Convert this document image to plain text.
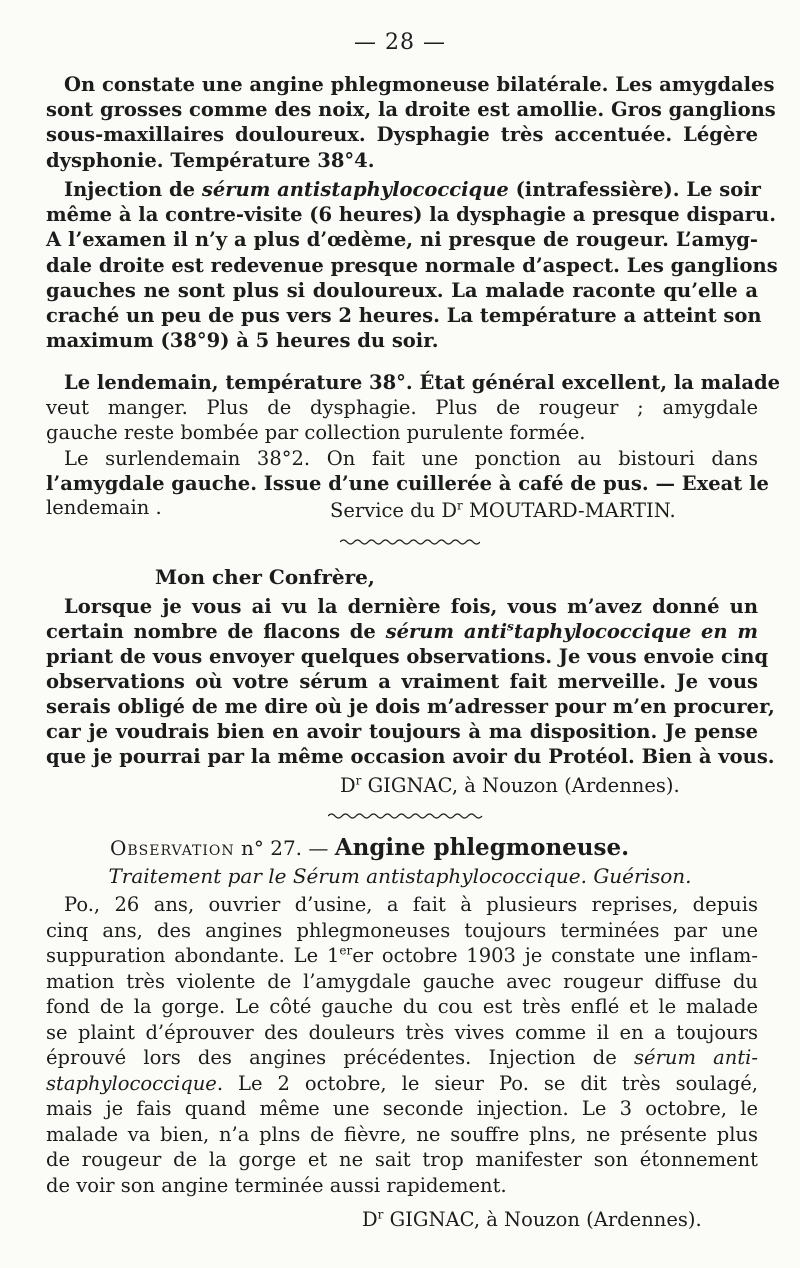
— 28 —
On constate une angine phlegmoneuse bilatérale. Les amygdales
sont grosses comme des noix, la droite est amollie. Gros ganglions
sous-maxillaires douloureux. Dysphagie très accentuée. Légère
dysphonie. Température 38°4.
Injection de sérum antistaphylococcique (intrafessière). Le soir
même à la contre-visite (6 heures) la dysphagie a presque disparu.
A l’examen il n’y a plus d’œdème, ni presque de rougeur. L’amyg-
dale droite est redevenue presque normale d’aspect. Les ganglions
gauches ne sont plus si douloureux. La malade raconte qu’elle a
craché un peu de pus vers 2 heures. La température a atteint son
maximum (38°9) à 5 heures du soir.
Le lendemain, température 38°. État général excellent, la malade
veut manger. Plus de dysphagie. Plus de rougeur ; amygdale
gauche reste bombée par collection purulente formée.
Le surlendemain 38°2. On fait une ponction au bistouri dans
l’amygdale gauche. Issue d’une cuillerée à café de pus. — Exeat le
lendemain .	Service du $D^r$ MOUTARD-MARTIN.
Mon cher Confrère,
Lorsque je vous ai vu la dernière fois, vous m’avez donné un
certain nombre de flacons de sérum anti$^s$taphylococcique en m
priant de vous envoyer quelques observations. Je vous envoie cinq
observations où votre sérum a vraiment fait merveille. Je vous
serais obligé de me dire où je dois m’adresser pour m’en procurer,
car je voudrais bien en avoir toujours à ma disposition. Je pense
que je pourrai par la même occasion avoir du Protéol. Bien à vous.
$D^r$ GIGNAC, à Nouzon (Ardennes).
Observation n° 27. — Angine phlegmoneuse.
Traitement par le Sérum antistaphylococcique. Guérison.
Po., 26 ans, ouvrier d’usine, a fait à plusieurs reprises, depuis
cinq ans, des angines phlegmoneuses toujours terminées par une
suppuration abondante. Le 1erer octobre 1903 je constate une inflam-
mation très violente de l’amygdale gauche avec rougeur diffuse du
fond de la gorge. Le côté gauche du cou est très enflé et le malade
se plaint d’éprouver des douleurs très vives comme il en a toujours
éprouvé lors des angines précédentes. Injection de sérum anti-
staphylococcique. Le 2 octobre, le sieur Po. se dit très soulagé,
mais je fais quand même une seconde injection. Le 3 octobre, le
malade va bien, n’a plns de fièvre, ne souffre plns, ne présente plus
de rougeur de la gorge et ne sait trop manifester son étonnement
de voir son angine terminée aussi rapidement.
$D^r$ GIGNAC, à Nouzon (Ardennes).
